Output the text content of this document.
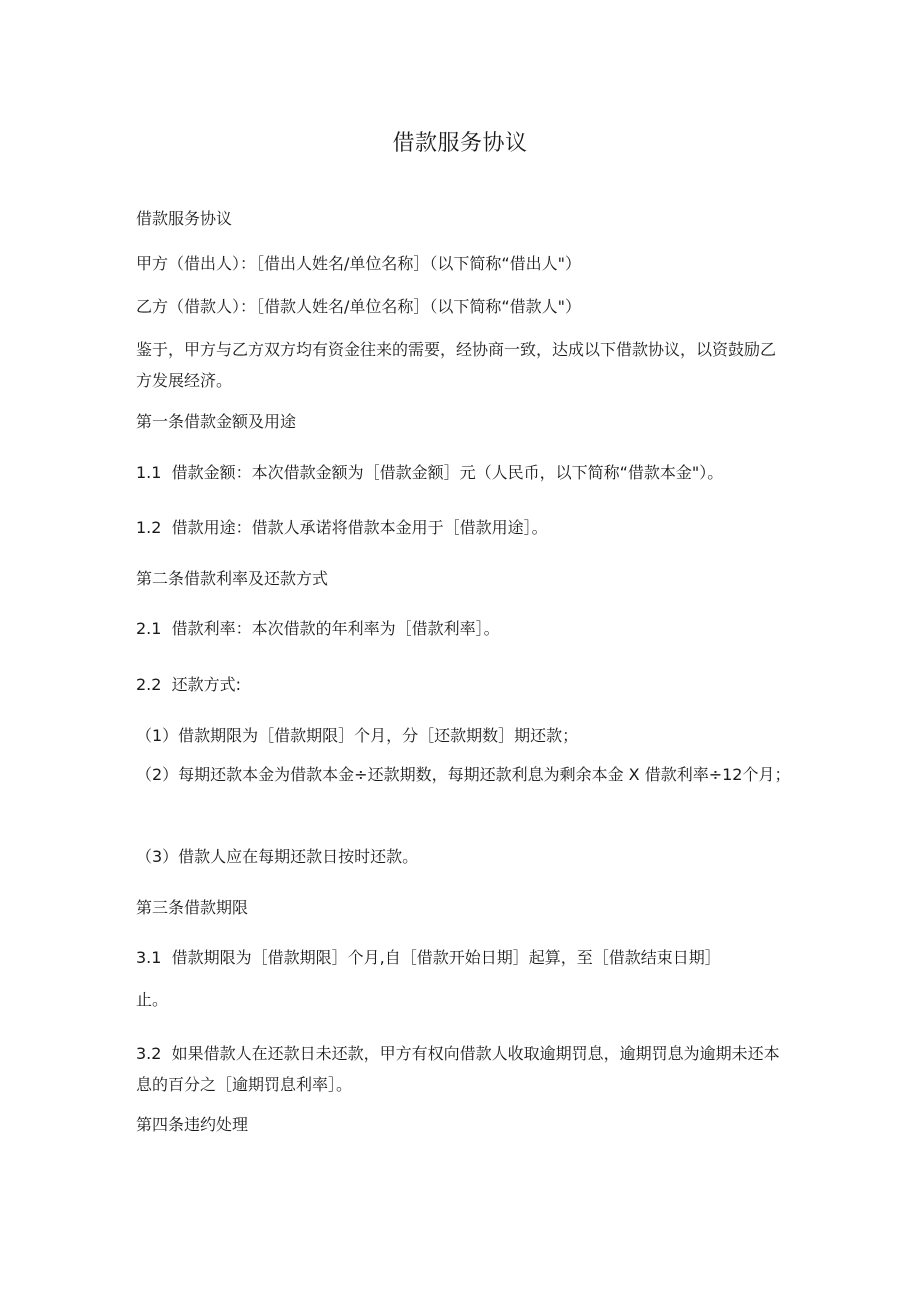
借款服务协议
借款服务协议
甲方（借出人）：［借出人姓名/单位名称］（以下简称“借出人"）
乙方（借款人）：［借款人姓名/单位名称］（以下简称“借款人"）
鉴于，甲方与乙方双方均有资金往来的需要，经协商一致，达成以下借款协议，以资鼓励乙方发展经济。
第一条借款金额及用途
1.1  借款金额：本次借款金额为［借款金额］元（人民币，以下简称“借款本金"）。
1.2  借款用途：借款人承诺将借款本金用于［借款用途］。
第二条借款利率及还款方式
2.1  借款利率：本次借款的年利率为［借款利率］。
2.2  还款方式:
（1）借款期限为［借款期限］个月，分［还款期数］期还款；
（2）每期还款本金为借款本金÷还款期数，每期还款利息为剩余本金 X 借款利率÷12个月；
（3）借款人应在每期还款日按时还款。
第三条借款期限
3.1  借款期限为［借款期限］个月,自［借款开始日期］起算，至［借款结束日期］
止。
3.2  如果借款人在还款日未还款，甲方有权向借款人收取逾期罚息，逾期罚息为逾期未还本息的百分之［逾期罚息利率］。
第四条违约处理
